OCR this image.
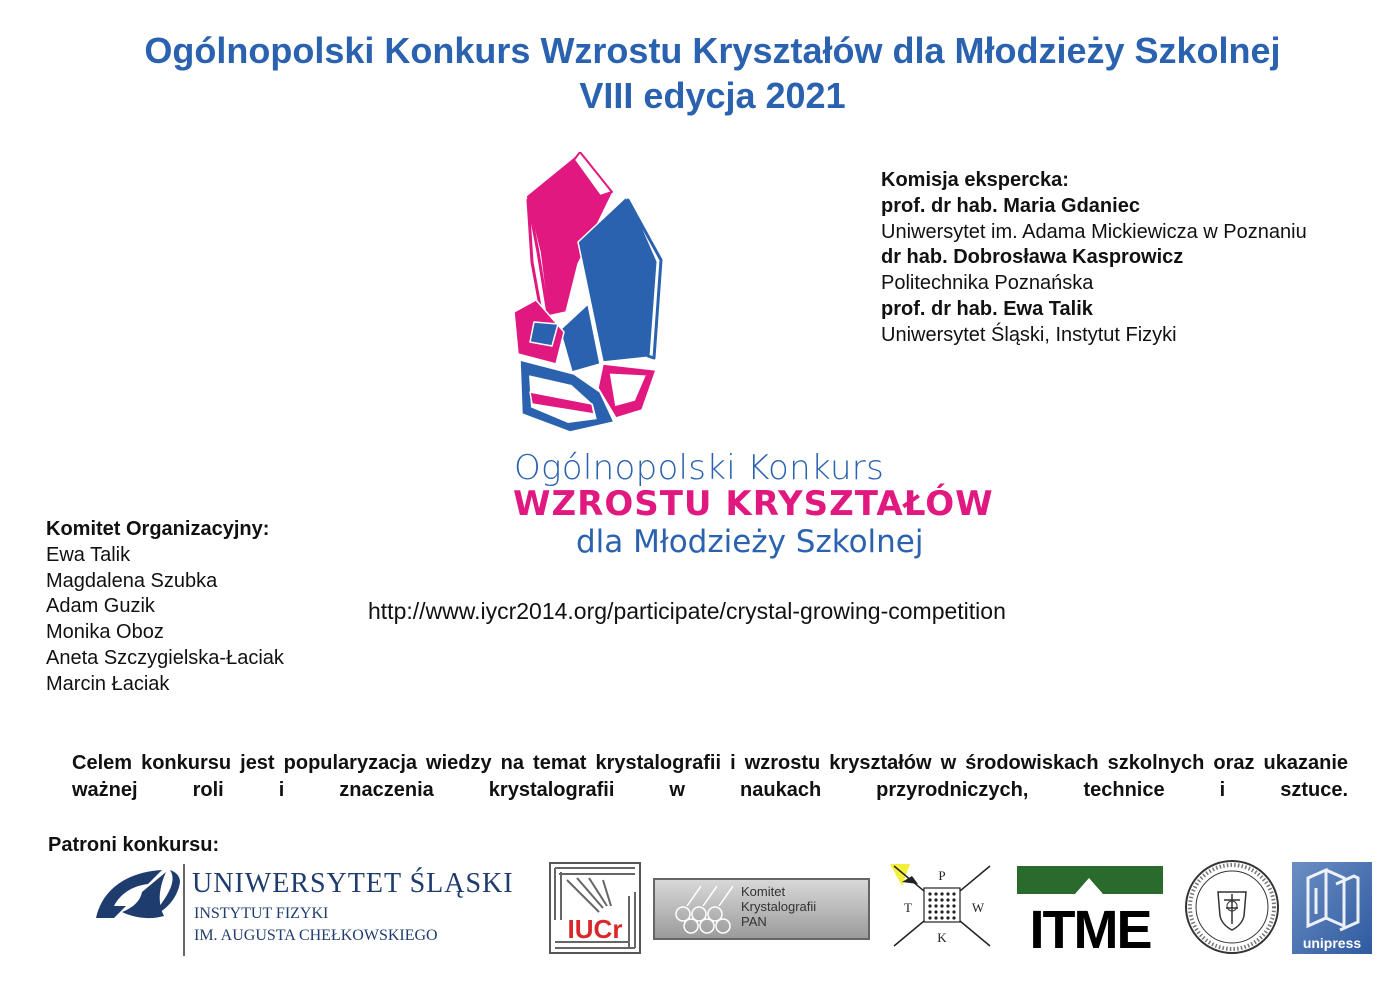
Ogólnopolski Konkurs Wzrostu Kryształów dla Młodzieży Szkolnej
VIII edycja 2021
Ogólnopolski Konkurs
WZROSTU KRYSZTAŁÓW
dla Młodzieży Szkolnej
Komisja ekspercka:
prof. dr hab. Maria Gdaniec
Uniwersytet im. Adama Mickiewicza w Poznaniu
dr hab. Dobrosława Kasprowicz
Politechnika Poznańska
prof. dr hab. Ewa Talik
Uniwersytet Śląski, Instytut Fizyki
Komitet Organizacyjny:
Ewa Talik
Magdalena Szubka
Adam Guzik
Monika Oboz
Aneta Szczygielska-Łaciak
Marcin Łaciak
http://www.iycr2014.org/participate/crystal-growing-competition
Celem konkursu jest popularyzacja wiedzy na temat krystalografii i wzrostu kryształów w środowiskach szkolnych oraz ukazanie ważnej roli i znaczenia krystalografii w naukach przyrodniczych, technice i sztuce.
Patroni konkursu:
UNIWERSYTET ŚLĄSKI
INSTYTUT FIZYKI
IM. AUGUSTA CHEŁKOWSKIEGO	IUCr
Komitet
Krystalografii
PAN
P
T	W
K ITME	unipress
